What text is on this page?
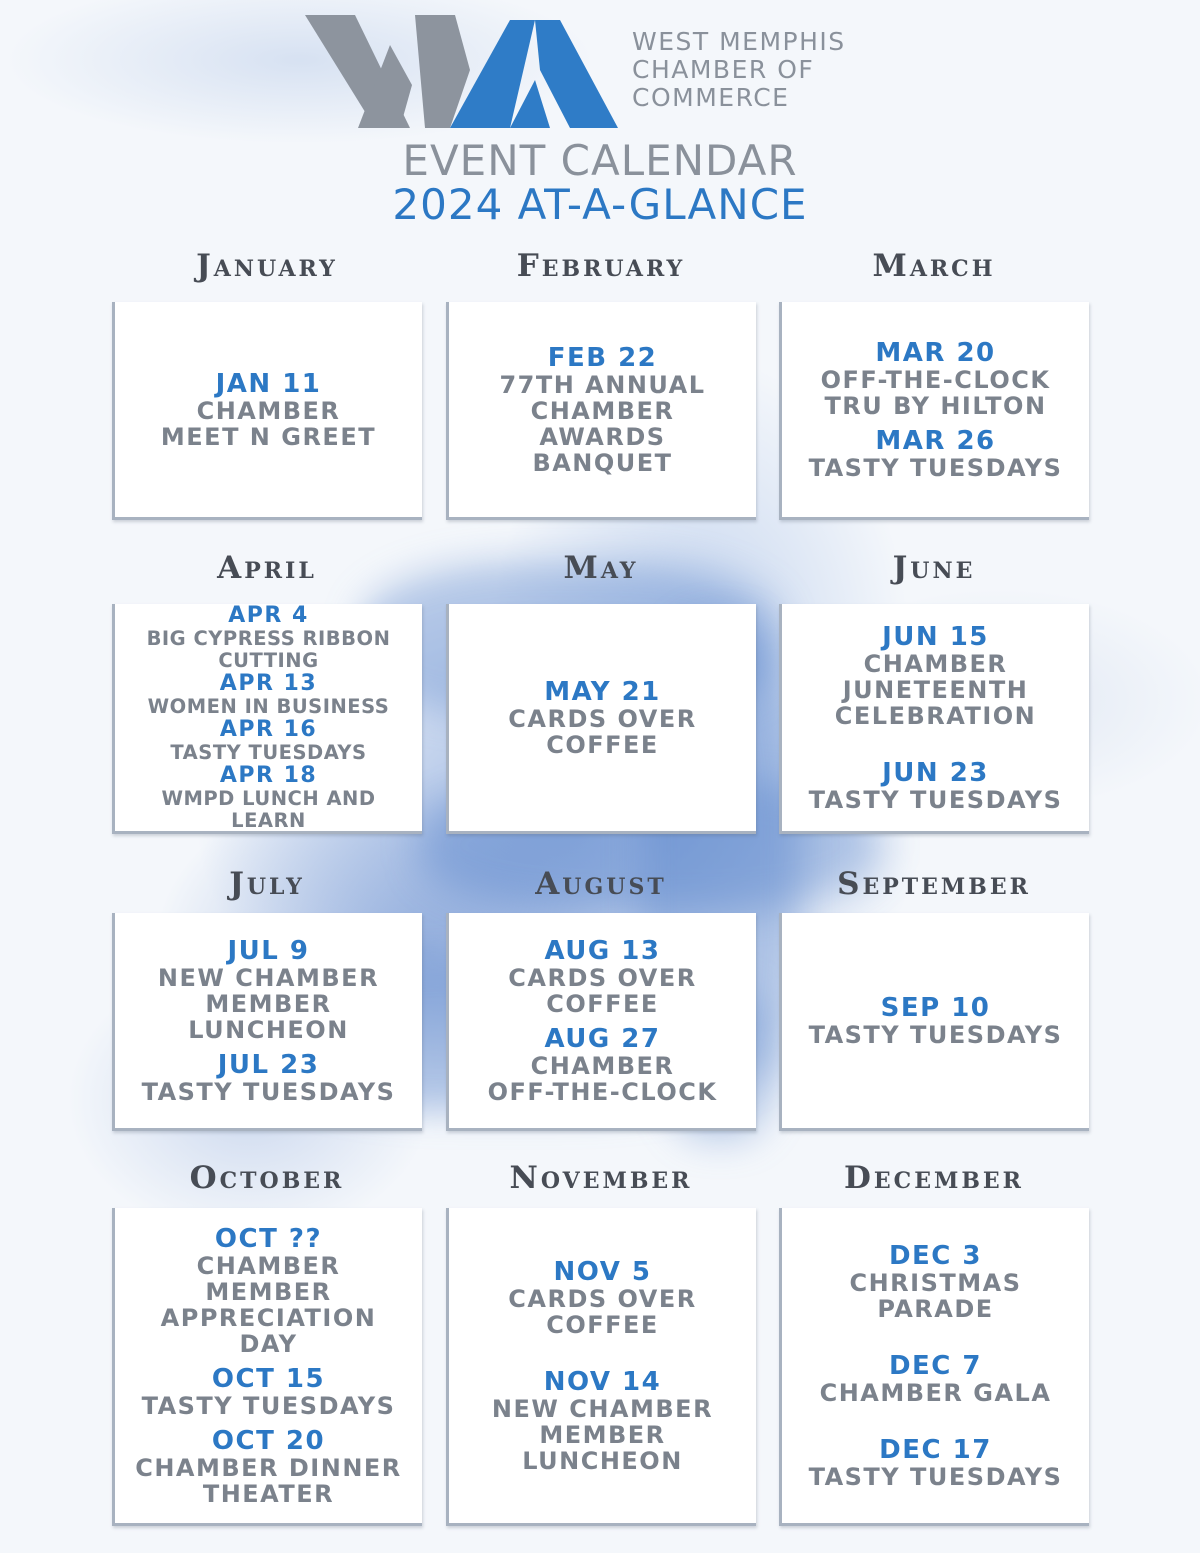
WEST MEMPHIS
CHAMBER OF
COMMERCE
EVENT CALENDAR
2024 AT-A-GLANCE
January
JAN 11
CHAMBER
MEET N GREET
February
FEB 22
77TH ANNUAL
CHAMBER
AWARDS
BANQUET
March
MAR 20
OFF-THE-CLOCK
TRU BY HILTON
MAR 26
TASTY TUESDAYS
April
APR 4
BIG CYPRESS RIBBON
CUTTING
APR 13
WOMEN IN BUSINESS
APR 16
TASTY TUESDAYS
APR 18
WMPD LUNCH AND
LEARN
May
MAY 21
CARDS OVER
COFFEE
June
JUN 15
CHAMBER
JUNETEENTH
CELEBRATION
JUN 23
TASTY TUESDAYS
July
JUL 9
NEW CHAMBER
MEMBER
LUNCHEON
JUL 23
TASTY TUESDAYS
August
AUG 13
CARDS OVER
COFFEE
AUG 27
CHAMBER
OFF-THE-CLOCK
September
SEP 10
TASTY TUESDAYS
October
OCT ??
CHAMBER
MEMBER
APPRECIATION
DAY
OCT 15
TASTY TUESDAYS
OCT 20
CHAMBER DINNER
THEATER
November
NOV 5
CARDS OVER
COFFEE
NOV 14
NEW CHAMBER
MEMBER
LUNCHEON
December
DEC 3
CHRISTMAS
PARADE
DEC 7
CHAMBER GALA
DEC 17
TASTY TUESDAYS
